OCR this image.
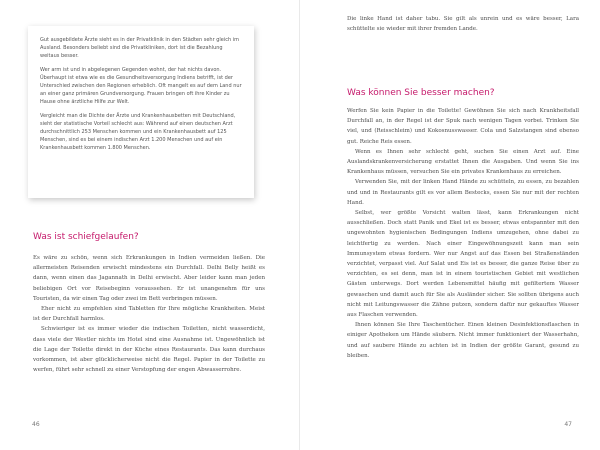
Gut ausgebildete Ärzte sieht es in der Privatklinik in den Städten sehr gleich im Ausland. Besonders beliebt sind die Privatkliniken, dort ist die Bezahlung weitaus besser.

Wer arm ist und in abgelegenen Gegenden wohnt, der hat nichts davon. Überhaupt ist etwa wie es die Gesundheitsversorgung Indiens betrifft, ist der Unterschied zwischen den Regionen erheblich. Oft mangelt es auf dem Land nur an einer ganz primären Grundversorgung. Frauen bringen oft ihre Kinder zu Hause ohne ärztliche Hilfe zur Welt.

Vergleicht man die Dichte der Ärzte und Krankenhausbetten mit Deutschland, sieht der statistische Vorteil schlecht aus: Während auf einen deutschen Arzt durchschnittlich 253 Menschen kommen und ein Krankenhausbett auf 125 Menschen, sind es bei einem indischen Arzt 1.200 Menschen und auf ein Krankenhausbett kommen 1.800 Menschen.

Was ist schiefgelaufen?

Es wäre zu schön, wenn sich Erkrankungen in Indien vermeiden ließen. Die allermeisten Reisenden erwischt mindestens ein Durchfall. Delhi Belly heißt es dann, wenn einen das Jagannath in Delhi erwischt. Aber leider kann man jeden beliebigen Ort vor Reisebeginn voraussehen. Er ist unangenehm für uns Touristen, da wir einen Tag oder zwei im Bett verbringen müssen.

Eher nicht zu empfehlen sind Tabletten für Ihre mögliche Krankheiten. Meist ist der Durchfall harmlos.

Schwieriger ist es immer wieder die indischen Toiletten, nicht wasserdicht, dass viele der Westler nichts im Hotel sind eine Ausnahme ist. Ungewöhnlich ist die Lage der Toilette direkt in der Küche eines Restaurants. Das kann durchaus vorkommen, ist aber glücklicherweise nicht die Regel. Papier in der Toilette zu werfen, führt sehr schnell zu einer Verstopfung der engen Abwasserrohre.

46

Die linke Hand ist daher tabu. Sie gilt als unrein und es wäre besser, Lara schüttelte sie wieder mit ihrer fremden Lande.

Was können Sie besser machen?

Werfen Sie kein Papier in die Toilette! Gewöhnen Sie sich nach Krankheitsfall Durchfall an, in der Regel ist der Spuk nach wenigen Tagen vorbei. Trinken Sie viel, und (Reisschleim) und Kokosnusswasser. Cola und Salzstangen sind ebenso gut. Reiche Reis essen.

Wenn es Ihnen sehr schlecht geht, suchen Sie einen Arzt auf. Eine Auslandskrankenversicherung erstattet Ihnen die Ausgaben. Und wenn Sie ins Krankenhaus müssen, versuchen Sie ein privates Krankenhaus zu erreichen.

Verwenden Sie, mit der linken Hand Hände zu schütteln, zu essen, zu bezahlen und und in Restaurants gilt es vor allem Bestecks, essen Sie nur mit der rechten Hand.

Selbst, wer größte Vorsicht walten lässt, kann Erkrankungen nicht ausschließen. Doch statt Panik und Ekel ist es besser, etwas entspannter mit den ungewohnten hygienischen Bedingungen Indiens umzugehen, ohne dabei zu leichtfertig zu werden. Nach einer Eingewöhnungszeit kann man sein Immunsystem etwas fordern. Wer nur Angst auf das Essen bei Straßenständen verzichtet, verpasst viel. Auf Salat und Eis ist es besser, die ganze Reise über zu verzichten, es sei denn, man ist in einem touristischen Gebiet mit westlichen Gästen unterwegs. Dort werden Lebensmittel häufig mit gefiltertem Wasser gewaschen und damit auch für Sie als Ausländer sicher. Sie sollten übrigens auch nicht mit Leitungswasser die Zähne putzen, sondern dafür nur gekauftes Wasser aus Flaschen verwenden.

Ihnen können Sie Ihre Taschentücher. Einen kleinen Desinfektionsflaschen in einiger Apotheken um Hände säubern. Nicht immer funktioniert der Wasserhahn, und auf saubere Hände zu achten ist in Indien der größte Garant, gesund zu bleiben.

47
